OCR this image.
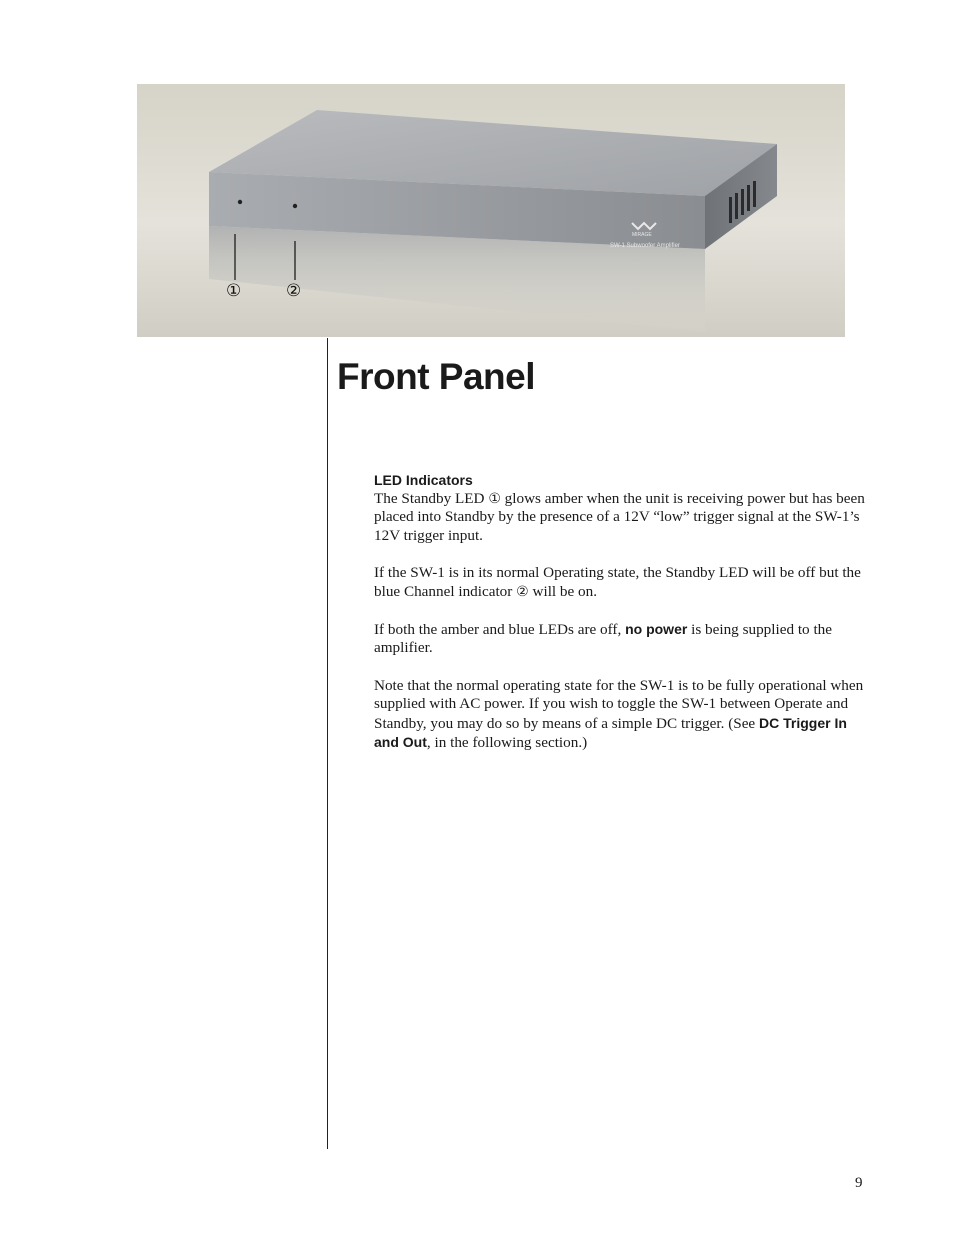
MIRAGE
SW-1 Subwoofer Amplifier
①	②
Front Panel
LED Indicators

The Standby LED ① glows amber when the unit is receiving power but has been placed into Standby by the presence of a 12V “low” trigger signal at the SW-1’s 12V trigger input.

If the SW-1 is in its normal Operating state, the Standby LED will be off but the blue Channel indicator ② will be on.

If both the amber and blue LEDs are off, no power is being supplied to the amplifier.

Note that the normal operating state for the SW-1 is to be fully operational when supplied with AC power. If you wish to toggle the SW-1 between Operate and Standby, you may do so by means of a simple DC trigger. (See DC Trigger In and Out, in the following section.)

9
